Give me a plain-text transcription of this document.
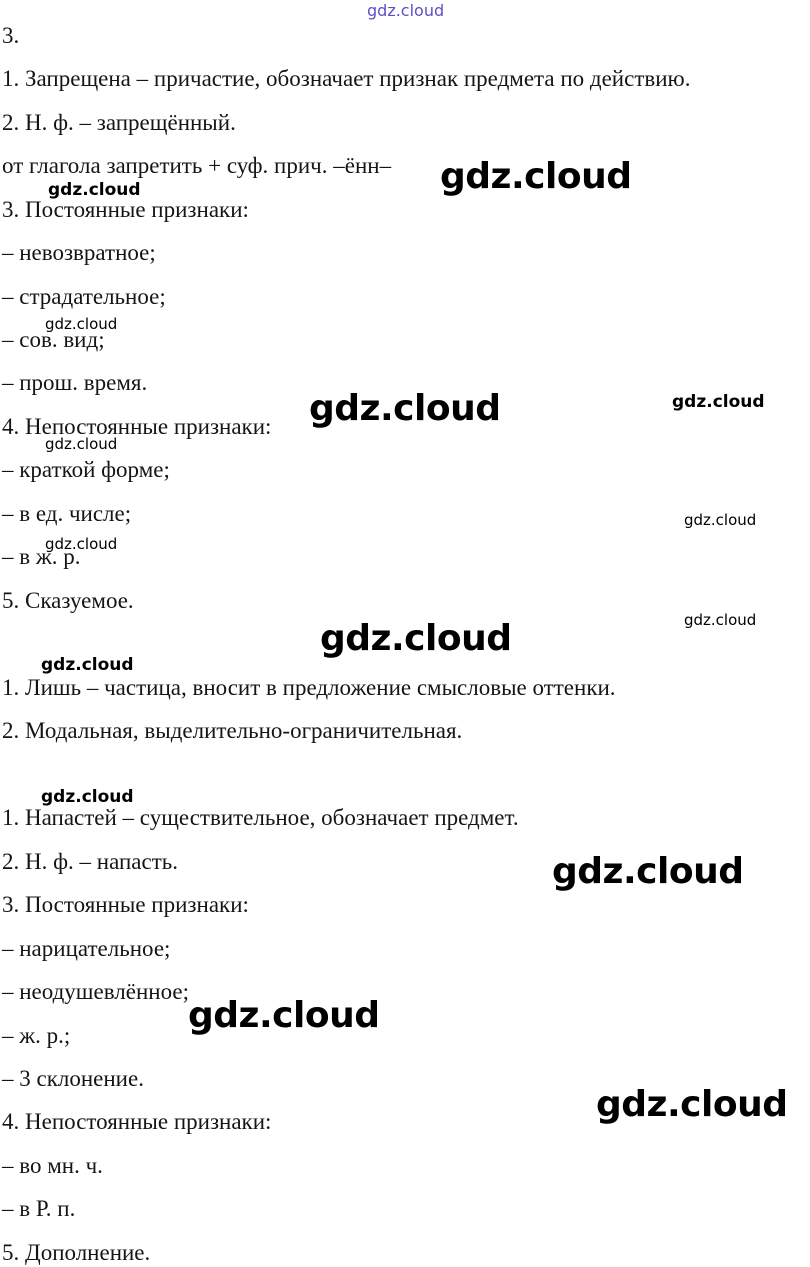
3.
1. Запрещена – причастие, обозначает признак предмета по действию.
2. Н. ф. – запрещённый.
от глагола запретить + суф. прич. –ённ–
3. Постоянные признаки:
– невозвратное;
– страдательное;
– сов. вид;
– прош. время.
4. Непостоянные признаки:
– краткой форме;
– в ед. числе;
– в ж. р.
5. Сказуемое.
1. Лишь – частица, вносит в предложение смысловые оттенки.
2. Модальная, выделительно-ограничительная.
1. Напастей – существительное, обозначает предмет.
2. Н. ф. – напасть.
3. Постоянные признаки:
– нарицательное;
– неодушевлённое;
– ж. р.;
– 3 склонение.
4. Непостоянные признаки:
– во мн. ч.
– в Р. п.
5. Дополнение.
gdz.cloud
gdz.cloud
gdz.cloud
gdz.cloud
gdz.cloud	gdz.cloud
gdz.cloud
gdz.cloud
gdz.cloud
gdz.cloud
gdz.cloud
gdz.cloud
gdz.cloud
gdz.cloud
gdz.cloud
gdz.cloud
